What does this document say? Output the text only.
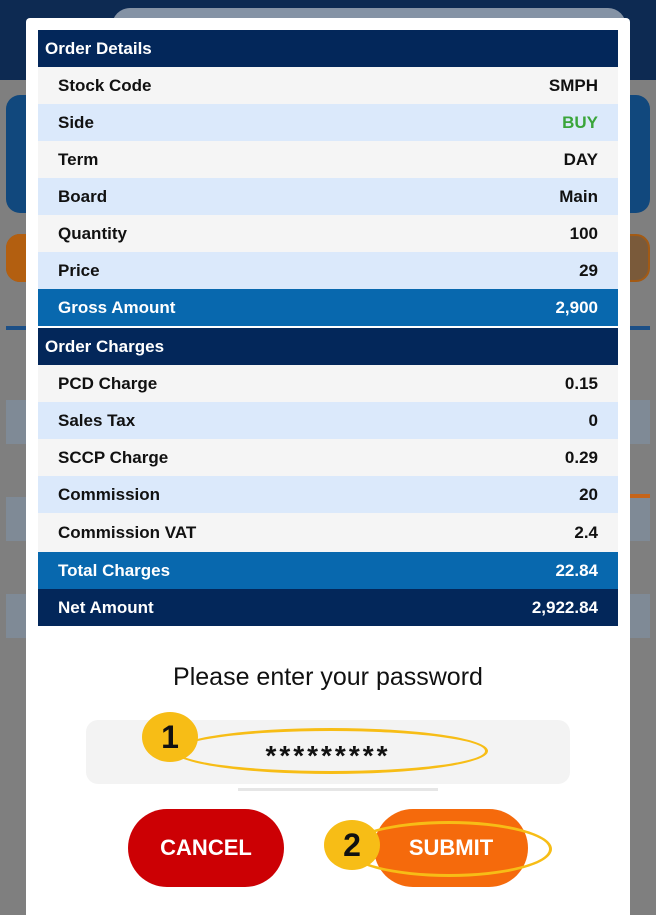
Order Details
Stock Code	SMPH
Side	BUY
Term	DAY
Board	Main
Quantity	100
Price	29
Gross Amount	2,900
Order Charges
PCD Charge	0.15
Sales Tax	0
SCCP Charge	0.29
Commission	20
Commission VAT	2.4
Total Charges	22.84
Net Amount	2,922.84
Please enter your password
*********
1
CANCEL	SUBMIT
2
